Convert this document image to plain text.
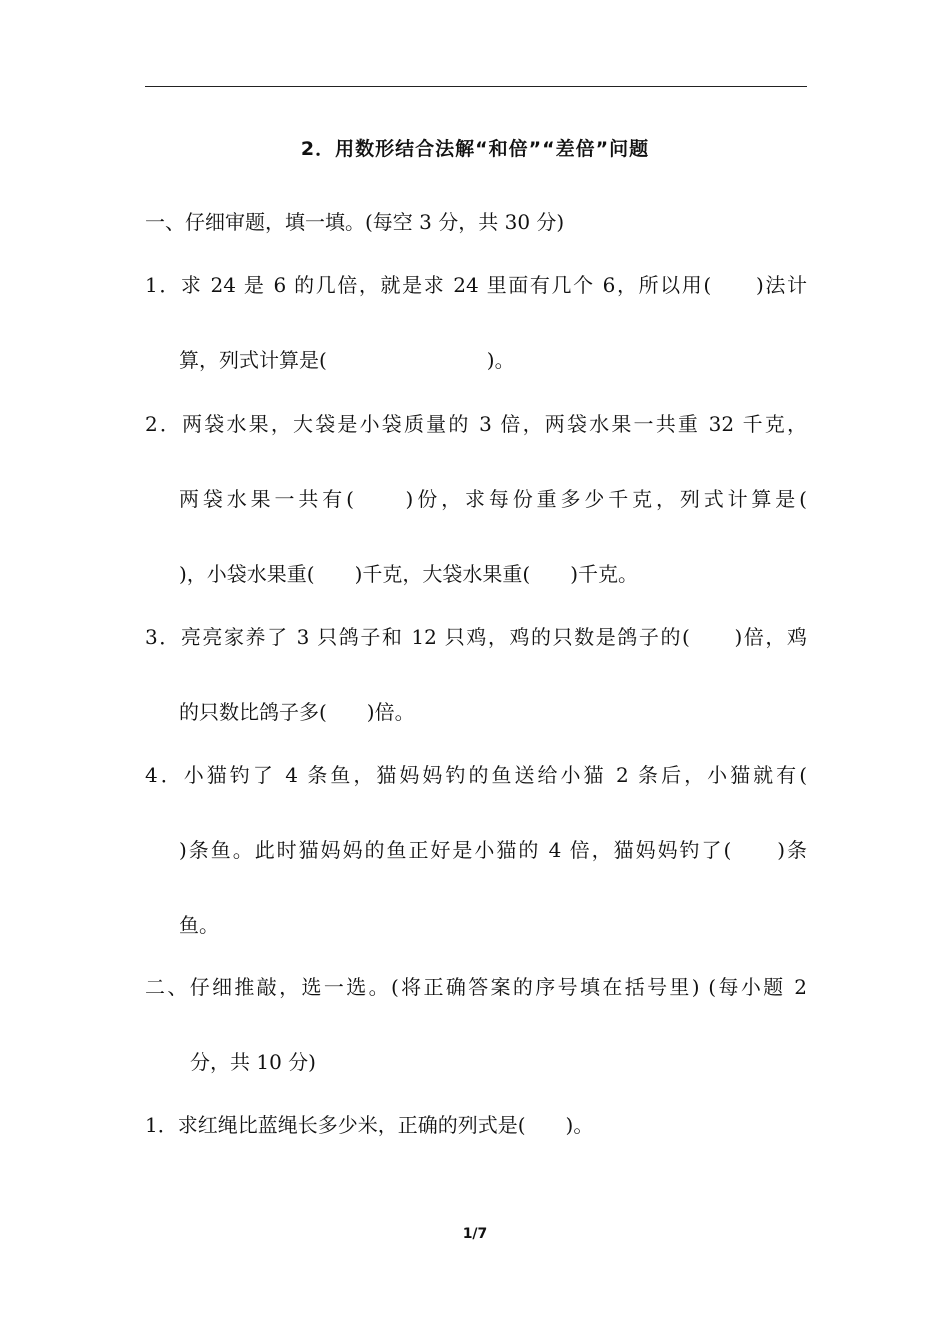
2．用数形结合法解“和倍”“差倍”问题
一、仔细审题，填一填。(每空 3 分，共 30 分)
1．求 24 是 6 的几倍，就是求 24 里面有几个 6，所以用(　　)法计
算，列式计算是(　　　　　　　　)。
2．两袋水果，大袋是小袋质量的 3 倍，两袋水果一共重 32 千克，
两袋水果一共有(　　)份，求每份重多少千克，列式计算是(
)，小袋水果重(　　)千克，大袋水果重(　　)千克。
3．亮亮家养了 3 只鸽子和 12 只鸡，鸡的只数是鸽子的(　　)倍，鸡
的只数比鸽子多(　　)倍。
4．小猫钓了 4 条鱼，猫妈妈钓的鱼送给小猫 2 条后，小猫就有(
)条鱼。此时猫妈妈的鱼正好是小猫的 4 倍，猫妈妈钓了(　　)条
鱼。
二、仔细推敲，选一选。(将正确答案的序号填在括号里) (每小题 2
分，共 10 分)
1．求红绳比蓝绳长多少米，正确的列式是(　　)。
1/7
